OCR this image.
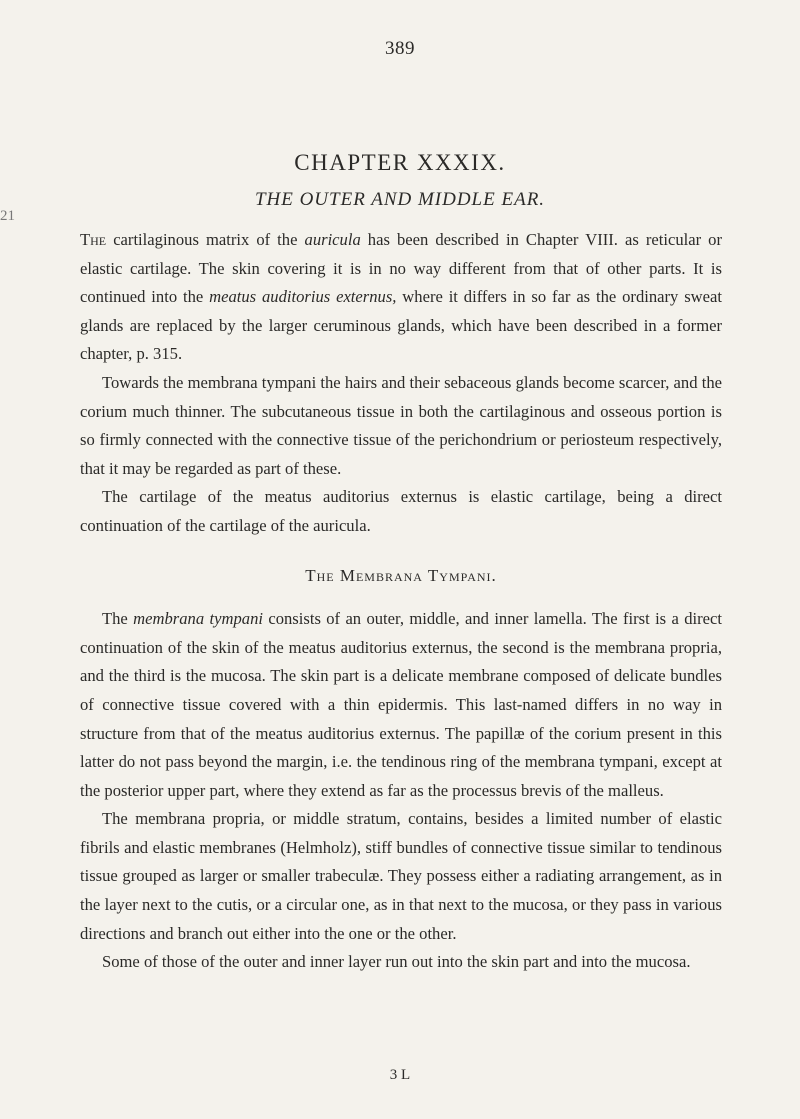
389
21
CHAPTER XXXIX.
THE OUTER AND MIDDLE EAR.

The cartilaginous matrix of the auricula has been described in Chapter VIII. as reticular or elastic cartilage. The skin covering it is in no way different from that of other parts. It is continued into the meatus auditorius externus, where it differs in so far as the ordinary sweat glands are replaced by the larger ceruminous glands, which have been described in a former chapter, p. 315.

Towards the membrana tympani the hairs and their sebaceous glands become scarcer, and the corium much thinner. The subcutaneous tissue in both the cartilaginous and osseous portion is so firmly connected with the connective tissue of the perichondrium or periosteum respectively, that it may be regarded as part of these.

The cartilage of the meatus auditorius externus is elastic cartilage, being a direct continuation of the cartilage of the auricula.

The Membrana Tympani.

The membrana tympani consists of an outer, middle, and inner lamella. The first is a direct continuation of the skin of the meatus auditorius externus, the second is the membrana propria, and the third is the mucosa. The skin part is a delicate membrane composed of delicate bundles of connective tissue covered with a thin epidermis. This last-named differs in no way in structure from that of the meatus auditorius externus. The papillæ of the corium present in this latter do not pass beyond the margin, i.e. the tendinous ring of the membrana tympani, except at the posterior upper part, where they extend as far as the processus brevis of the malleus.

The membrana propria, or middle stratum, contains, besides a limited number of elastic fibrils and elastic membranes (Helmholz), stiff bundles of connective tissue similar to tendinous tissue grouped as larger or smaller trabeculæ. They possess either a radiating arrangement, as in the layer next to the cutis, or a circular one, as in that next to the mucosa, or they pass in various directions and branch out either into the one or the other.

Some of those of the outer and inner layer run out into the skin part and into the mucosa.

3 L
